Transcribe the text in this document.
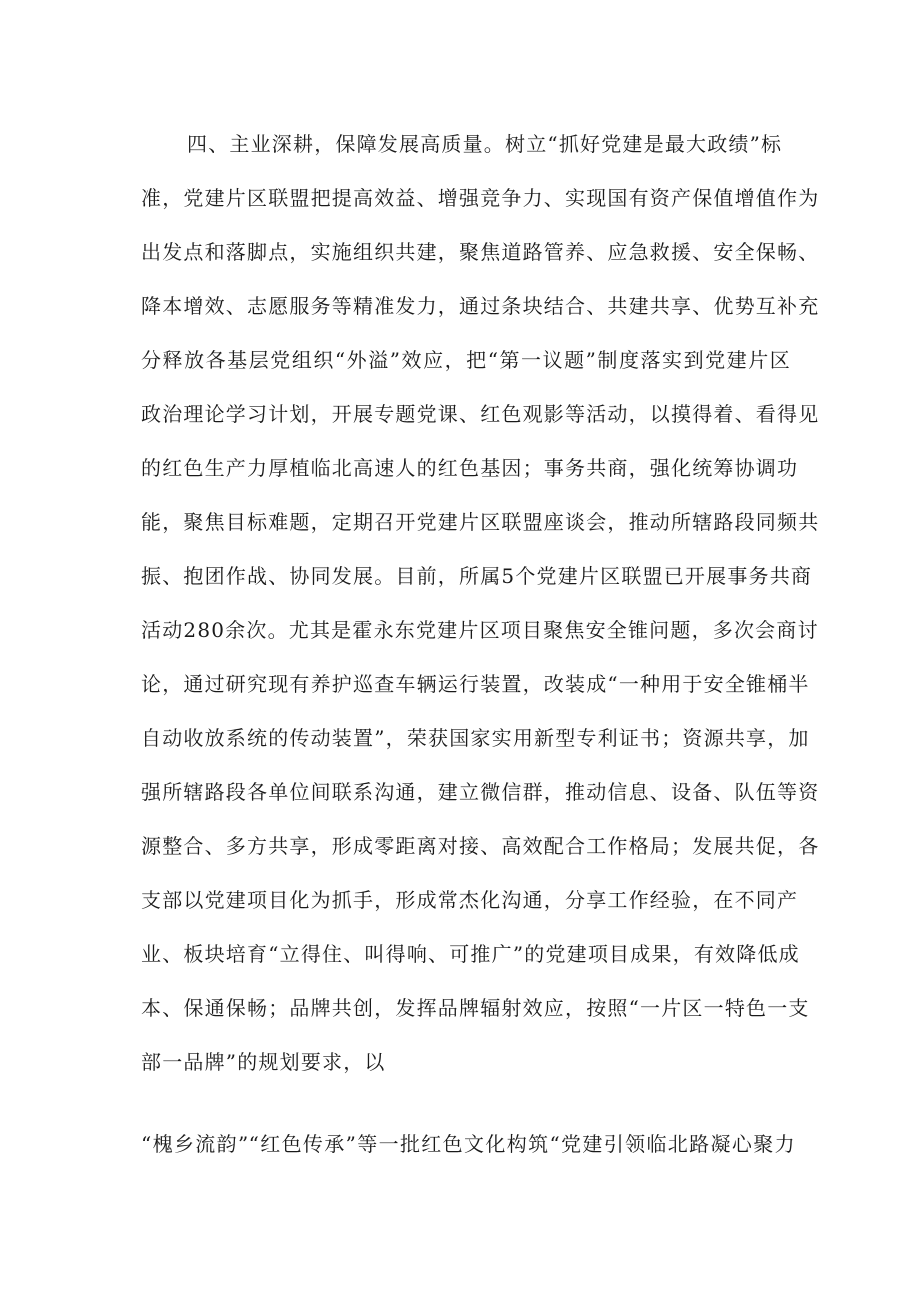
四、主业深耕，保障发展高质量。树立“抓好党建是最大政绩”标
准，党建片区联盟把提高效益、增强竞争力、实现国有资产保值增值作为
出发点和落脚点，实施组织共建，聚焦道路管养、应急救援、安全保畅、
降本增效、志愿服务等精准发力，通过条块结合、共建共享、优势互补充
分释放各基层党组织“外溢”效应，把“第一议题”制度落实到党建片区
政治理论学习计划，开展专题党课、红色观影等活动，以摸得着、看得见
的红色生产力厚植临北高速人的红色基因；事务共商，强化统筹协调功
能，聚焦目标难题，定期召开党建片区联盟座谈会，推动所辖路段同频共
振、抱团作战、协同发展。目前，所属5个党建片区联盟已开展事务共商
活动280余次。尤其是霍永东党建片区项目聚焦安全锥问题，多次会商讨
论，通过研究现有养护巡查车辆运行装置，改装成“一种用于安全锥桶半
自动收放系统的传动装置”，荣获国家实用新型专利证书；资源共享，加
强所辖路段各单位间联系沟通，建立微信群，推动信息、设备、队伍等资
源整合、多方共享，形成零距离对接、高效配合工作格局；发展共促，各
支部以党建项目化为抓手，形成常杰化沟通，分享工作经验，在不同产
业、板块培育“立得住、叫得响、可推广”的党建项目成果，有效降低成
本、保通保畅；品牌共创，发挥品牌辐射效应，按照“一片区一特色一支
部一品牌”的规划要求，以
“槐乡流韵”“红色传承”等一批红色文化构筑“党建引领临北路凝心聚力
